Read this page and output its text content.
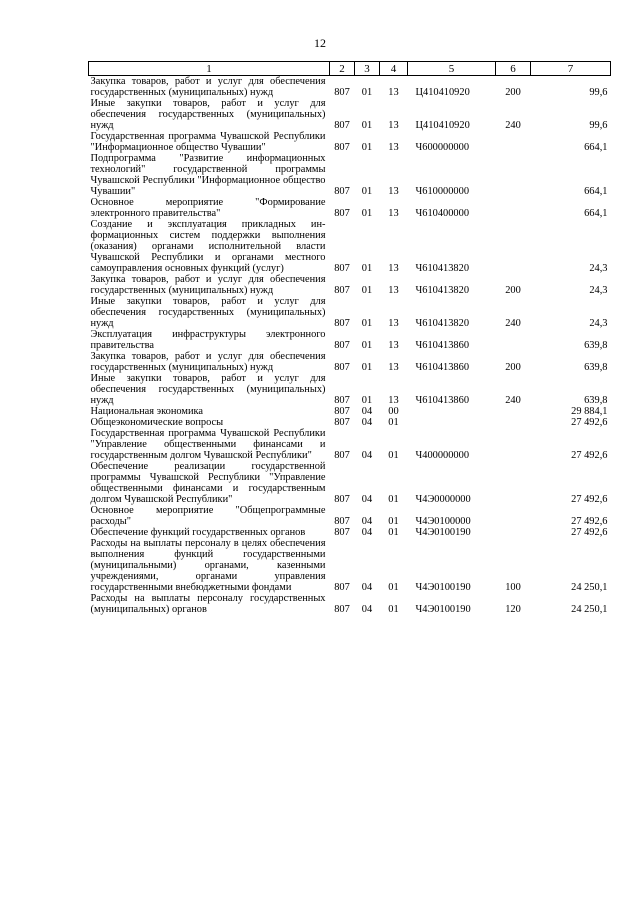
12
1	2	3	4	5	6	7
Закупка товаров, работ и услуг для обеспечения государственных (муниципальных) нужд	807	01	13	Ц410410920	200	99,6
Иные закупки товаров, работ и услуг для обеспечения государственных (муниципальных) нужд	807	01	13	Ц410410920	240	99,6
Государственная программа Чувашской Республики "Информационное общество Чувашии"	807	01	13	Ч600000000		664,1
Подпрограмма "Развитие информационных технологий" государственной программы Чувашской Республики "Информационное общество Чувашии"	807	01	13	Ч610000000		664,1
Основное мероприятие "Формирование электронного правительства"	807	01	13	Ч610400000		664,1
Создание и эксплуатация прикладных информационных систем поддержки выполнения (оказания) органами исполнительной власти Чувашской Республики и органами местного самоуправления основных функций (услуг)	807	01	13	Ч610413820		24,3
Закупка товаров, работ и услуг для обеспечения государственных (муниципальных) нужд	807	01	13	Ч610413820	200	24,3
Иные закупки товаров, работ и услуг для обеспечения государственных (муниципальных) нужд	807	01	13	Ч610413820	240	24,3
Эксплуатация инфраструктуры электронного правительства	807	01	13	Ч610413860		639,8
Закупка товаров, работ и услуг для обеспечения государственных (муниципальных) нужд	807	01	13	Ч610413860	200	639,8
Иные закупки товаров, работ и услуг для обеспечения государственных (муниципальных) нужд	807	01	13	Ч610413860	240	639,8
Национальная экономика	807	04	00			29 884,1
Общеэкономические вопросы	807	04	01			27 492,6
Государственная программа Чувашской Республики "Управление общественными финансами и государственным долгом Чувашской Республики"	807	04	01	Ч400000000		27 492,6
Обеспечение реализации государственной программы Чувашской Республики "Управление общественными финансами и государственным долгом Чувашской Республики"	807	04	01	Ч4Э0000000		27 492,6
Основное мероприятие "Общепрограммные расходы"	807	04	01	Ч4Э0100000		27 492,6
Обеспечение функций государственных органов	807	04	01	Ч4Э0100190		27 492,6
Расходы на выплаты персоналу в целях обеспечения выполнения функций государственными (муниципальными) органами, казенными учреждениями, органами управления государственными внебюджетными фондами	807	04	01	Ч4Э0100190	100	24 250,1
Расходы на выплаты персоналу государственных (муниципальных) органов	807	04	01	Ч4Э0100190	120	24 250,1
